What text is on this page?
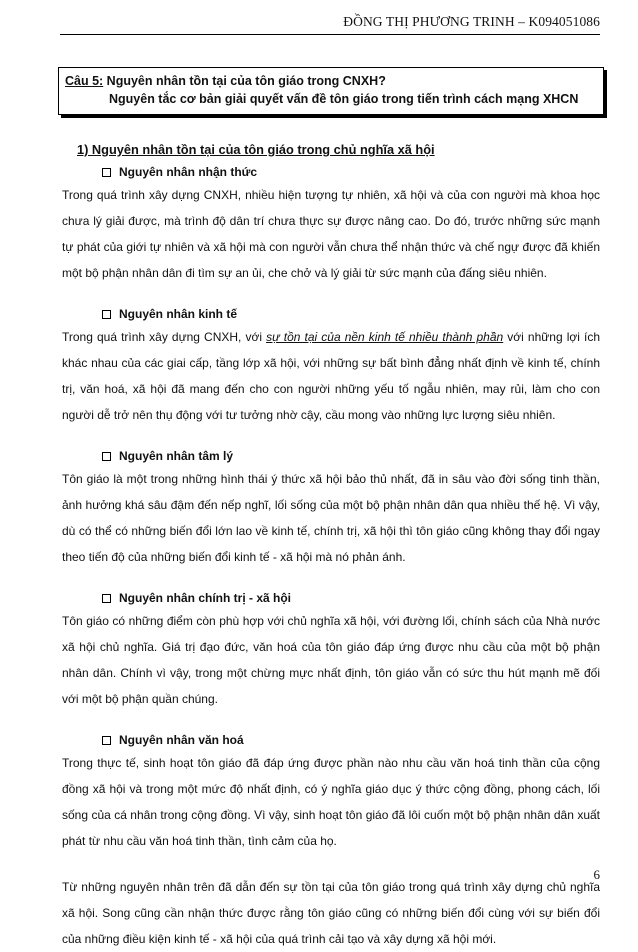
ĐỒNG THỊ PHƯƠNG TRINH – K094051086
Câu 5: Nguyên nhân tồn tại của tôn giáo trong CNXH?
Nguyên tắc cơ bản giải quyết vấn đề tôn giáo trong tiến trình cách mạng XHCN
1) Nguyên nhân tồn tại của tôn giáo trong chủ nghĩa xã hội
Nguyên nhân nhận thức

Trong quá trình xây dựng CNXH, nhiều hiện tượng tự nhiên, xã hội và của con người mà khoa học chưa lý giải được, mà trình độ dân trí chưa thực sự được nâng cao. Do đó, trước những sức mạnh tự phát của giới tự nhiên và xã hội mà con người vẫn chưa thể nhận thức và chế ngự được đã khiến một bộ phận nhân dân đi tìm sự an ủi, che chở và lý giải từ sức mạnh của đấng siêu nhiên.

Nguyên nhân kinh tế

Trong quá trình xây dựng CNXH, với sự tồn tại của nền kinh tế nhiều thành phần với những lợi ích khác nhau của các giai cấp, tầng lớp xã hội, với những sự bất bình đẳng nhất định về kinh tế, chính trị, văn hoá, xã hội đã mang đến cho con người những yếu tố ngẫu nhiên, may rủi, làm cho con người dễ trở nên thụ động với tư tưởng nhờ cậy, cầu mong vào những lực lượng siêu nhiên.

Nguyên nhân tâm lý

Tôn giáo là một trong những hình thái ý thức xã hội bảo thủ nhất, đã in sâu vào đời sống tinh thần, ảnh hưởng khá sâu đậm đến nếp nghĩ, lối sống của một bộ phận nhân dân qua nhiều thế hệ. Vì vậy, dù có thể có những biến đổi lớn lao về kinh tế, chính trị, xã hội thì tôn giáo cũng không thay đổi ngay theo tiến độ của những biến đổi kinh tế - xã hội mà nó phản ánh.

Nguyên nhân chính trị - xã hội

Tôn giáo có những điểm còn phù hợp với chủ nghĩa xã hội, với đường lối, chính sách của Nhà nước xã hội chủ nghĩa. Giá trị đạo đức, văn hoá của tôn giáo đáp ứng được nhu cầu của một bộ phận nhân dân. Chính vì vậy, trong một chừng mực nhất định, tôn giáo vẫn có sức thu hút mạnh mẽ đối với một bộ phận quần chúng.

Nguyên nhân văn hoá

Trong thực tế, sinh hoạt tôn giáo đã đáp ứng được phần nào nhu cầu văn hoá tinh thần của cộng đồng xã hội và trong một mức độ nhất định, có ý nghĩa giáo dục ý thức cộng đồng, phong cách, lối sống của cá nhân trong cộng đồng. Vì vậy, sinh hoạt tôn giáo đã lôi cuốn một bộ phận nhân dân xuất phát từ nhu cầu văn hoá tinh thần, tình cảm của họ.

Từ những nguyên nhân trên đã dẫn đến sự tồn tại của tôn giáo trong quá trình xây dựng chủ nghĩa xã hội. Song cũng cần nhận thức được rằng tôn giáo cũng có những biến đổi cùng với sự biến đổi của những điều kiện kinh tế - xã hội của quá trình cải tạo và xây dựng xã hội mới.

6
